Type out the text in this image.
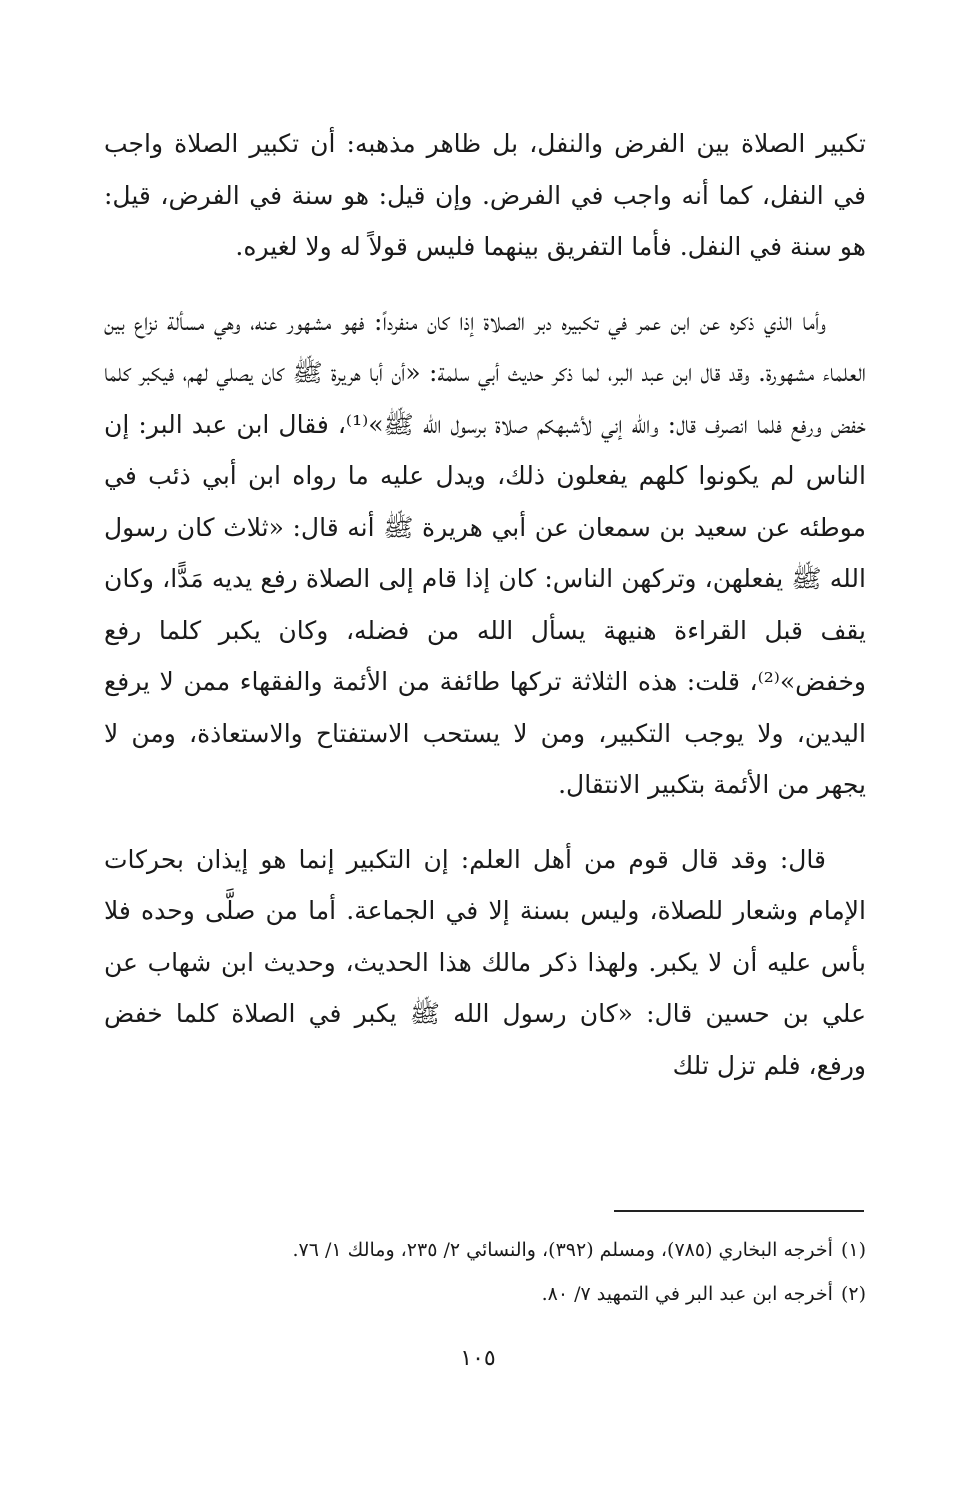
تكبير الصلاة بين الفرض والنفل، بل ظاهر مذهبه: أن تكبير الصلاة واجب في النفل، كما أنه واجب في الفرض. وإن قيل: هو سنة في الفرض، قيل: هو سنة في النفل. فأما التفريق بينهما فليس قولاً له ولا لغيره.

وأما الذي ذكره عن ابن عمر في تكبيره دبر الصلاة إذا كان منفرداً: فهو مشهور عنه، وهي مسألة نزاع بين العلماء مشهورة. وقد قال ابن عبد البر، لما ذكر حديث أبي سلمة: «أن أبا هريرة ﷺ كان يصلي لهم، فيكبر كلما خفض ورفع فلما انصرف قال: والله إني لأشبهكم صلاة برسول الله ﷺ»⁽¹⁾، فقال ابن عبد البر: إن الناس لم يكونوا كلهم يفعلون ذلك، ويدل عليه ما رواه ابن أبي ذئب في موطئه عن سعيد بن سمعان عن أبي هريرة ﷺ أنه قال: «ثلاث كان رسول الله ﷺ يفعلهن، وتركهن الناس: كان إذا قام إلى الصلاة رفع يديه مَدًّا، وكان يقف قبل القراءة هنيهة يسأل الله من فضله، وكان يكبر كلما رفع وخفض»⁽²⁾، قلت: هذه الثلاثة تركها طائفة من الأئمة والفقهاء ممن لا يرفع اليدين، ولا يوجب التكبير، ومن لا يستحب الاستفتاح والاستعاذة، ومن لا يجهر من الأئمة بتكبير الانتقال.

قال: وقد قال قوم من أهل العلم: إن التكبير إنما هو إيذان بحركات الإمام وشعار للصلاة، وليس بسنة إلا في الجماعة. أما من صلَّى وحده فلا بأس عليه أن لا يكبر. ولهذا ذكر مالك هذا الحديث، وحديث ابن شهاب عن علي بن حسين قال: «كان رسول الله ﷺ يكبر في الصلاة كلما خفض ورفع، فلم تزل تلك

(١)أخرجه البخاري (٧٨٥)، ومسلم (٣٩٢)، والنسائي ٢/ ٢٣٥، ومالك ١/ ٧٦.

(٢)أخرجه ابن عبد البر في التمهيد ٧/ ٨٠.

١٠٥
